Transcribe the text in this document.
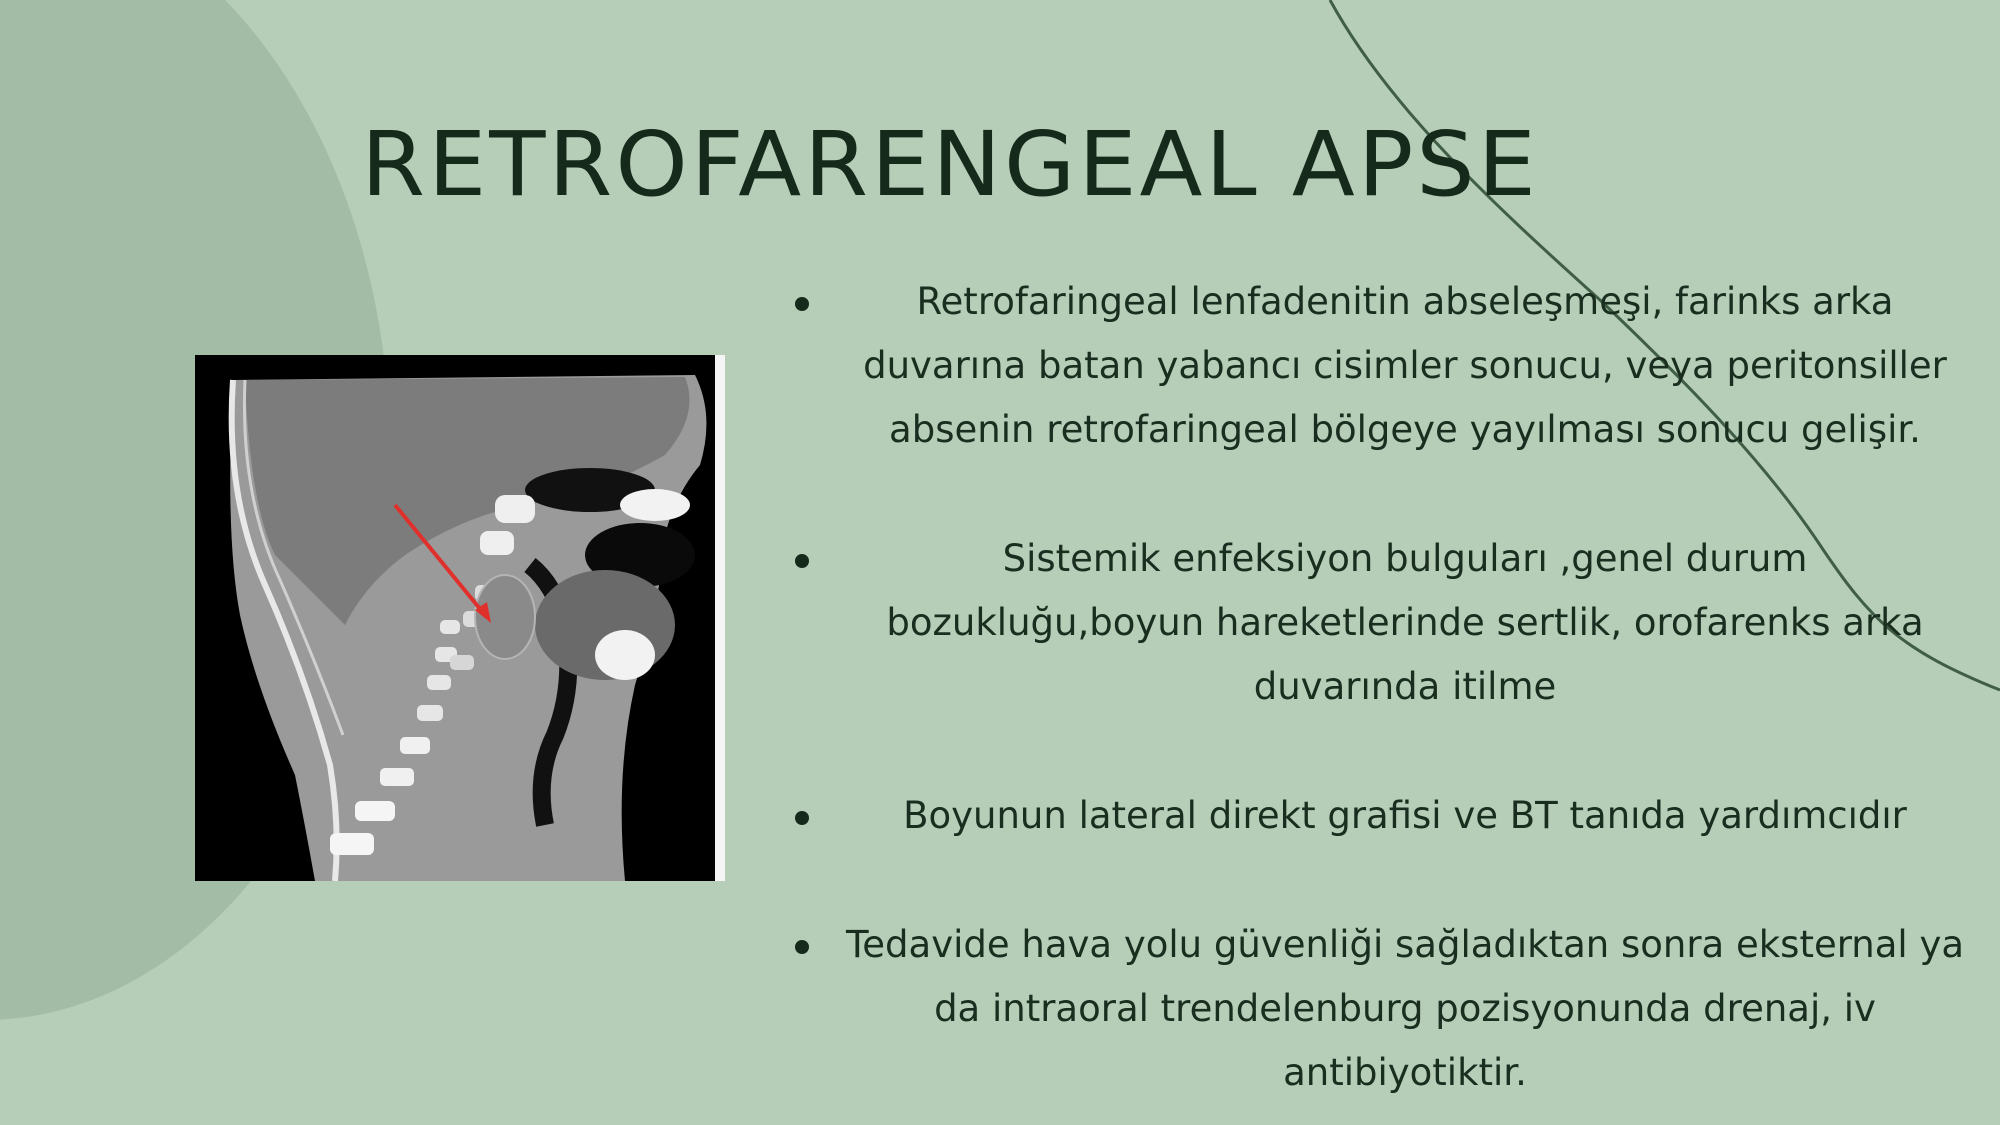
RETROFARENGEAL APSE
Retrofaringeal lenfadenitin abseleşmeşi, farinks arka duvarına batan yabancı cisimler sonucu, veya peritonsiller absenin retrofaringeal bölgeye yayılması sonucu gelişir.
Sistemik enfeksiyon bulguları ,genel durum bozukluğu,boyun hareketlerinde sertlik, orofarenks arka duvarında itilme
Boyunun lateral direkt grafisi ve BT tanıda yardımcıdır
Tedavide hava yolu güvenliği sağladıktan sonra eksternal ya da intraoral trendelenburg pozisyonunda drenaj, iv antibiyotiktir.
